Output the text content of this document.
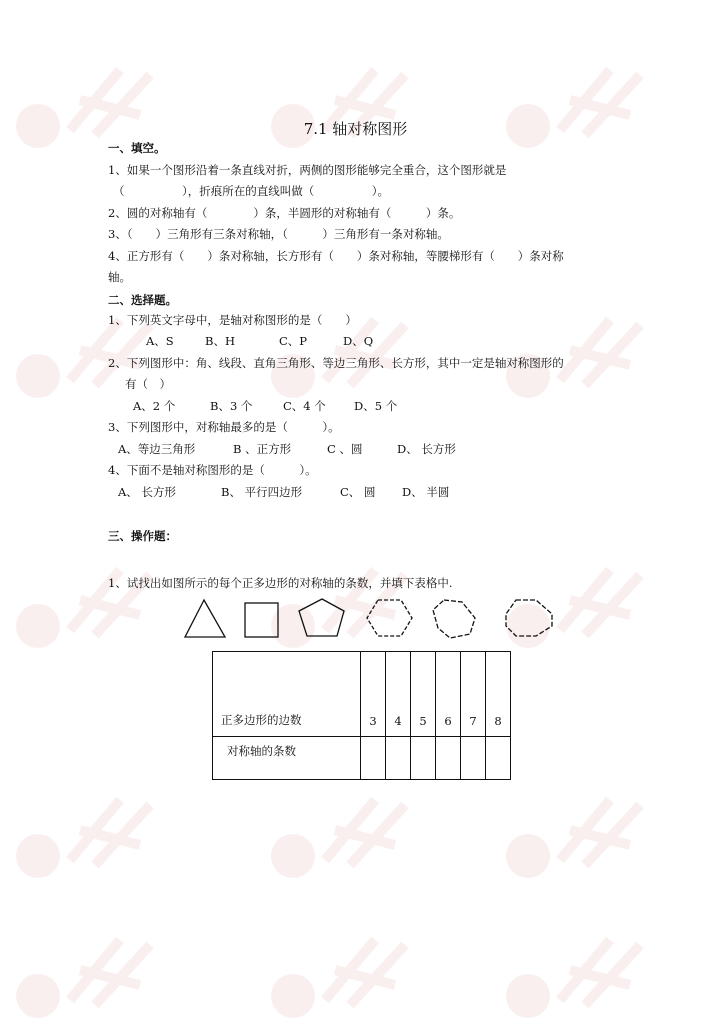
7.1 轴对称图形
一、填空。
1、如果一个图形沿着一条直线对折，两侧的图形能够完全重合，这个图形就是
（　　　　　），折痕所在的直线叫做（　　　　　）。
2、圆的对称轴有（　　　　）条，半圆形的对称轴有（　　　）条。
3、（　　）三角形有三条对称轴，（　　　）三角形有一条对称轴。
4、正方形有（　　）条对称轴，长方形有（　　）条对称轴，等腰梯形有（　　）条对称
轴。
二、选择题。
1、下列英文字母中，是轴对称图形的是（　　）
A、S	B、H	C、P	D、Q
2、下列图形中：角、线段、直角三角形、等边三角形、长方形，其中一定是轴对称图形的
有（　）
A、2 个	B、3 个	C、4 个 D、5 个
3、下列图形中，对称轴最多的是（　　　）。
A、等边三角形	B 、正方形	C 、圆	D、 长方形
4、下面不是轴对称图形的是（　　　）。
A、 长方形	B、 平行四边形	C、 圆 D、 半圆
三、操作题：
1、试找出如图所示的每个正多边形的对称轴的条数，并填下表格中.
正多边形的边数	3	4	5	6	7	8
对称轴的条数						
